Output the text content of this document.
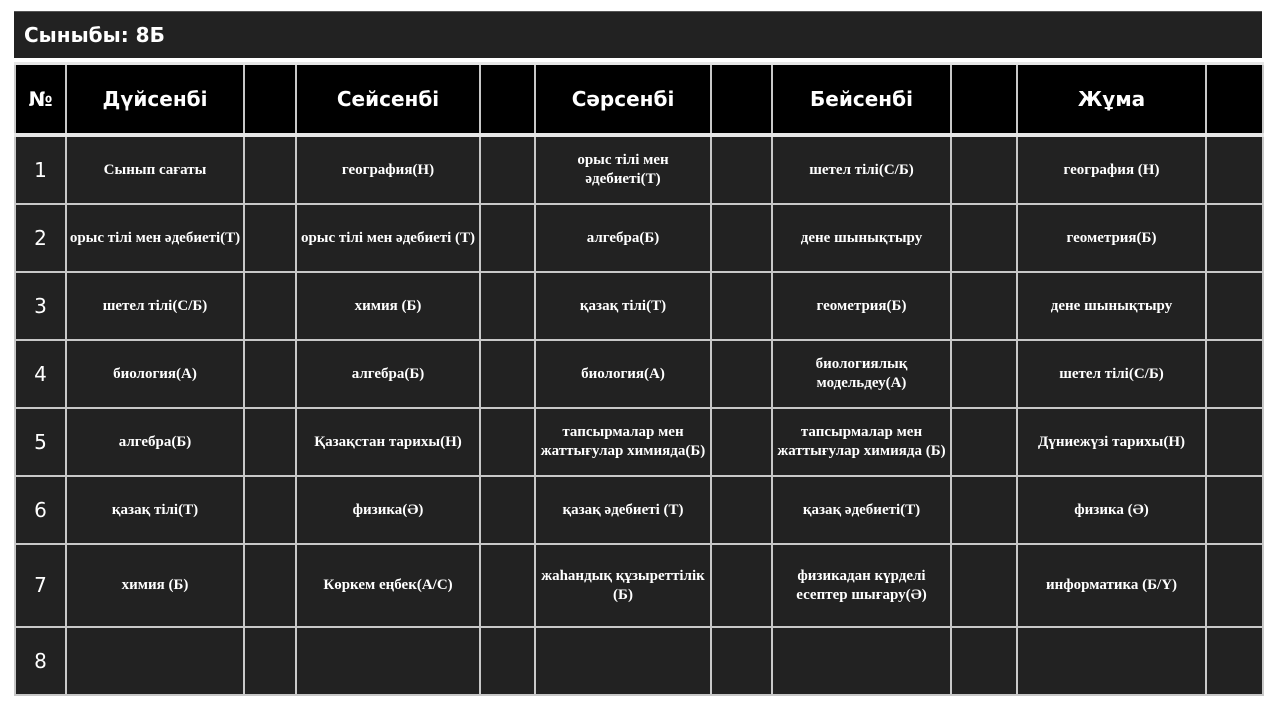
Сыныбы: 8Б
№	Дүйсенбі		Сейсенбі		Сәрсенбі		Бейсенбі		Жұма	
1	Сынып сағаты		география(Н)		орыс тілі мен әдебиеті(Т)		шетел тілі(С/Б)		география (Н)	
2	орыс тілі мен әдебиеті(Т)		орыс тілі мен әдебиеті (Т)		алгебра(Б)		дене шынықтыру		геометрия(Б)	
3	шетел тілі(С/Б)		химия (Б)		қазақ тілі(Т)		геометрия(Б)		дене шынықтыру	
4	биология(А)		алгебра(Б)		биология(А)		биологиялық модельдеу(А)		шетел тілі(С/Б)	
5	алгебра(Б)		Қазақстан тарихы(Н)		тапсырмалар мен жаттығулар химияда(Б)		тапсырмалар мен жаттығулар химияда (Б)		Дүниежүзі тарихы(Н)	
6	қазақ тілі(Т)		физика(Ә)		қазақ әдебиеті (Т)		қазақ әдебиеті(Т)		физика (Ә)	
7	химия (Б)		Көркем еңбек(А/С)		жаһандық құзыреттілік (Б)		физикадан күрделі есептер шығару(Ә)		информатика (Б/Ү)	
8										
